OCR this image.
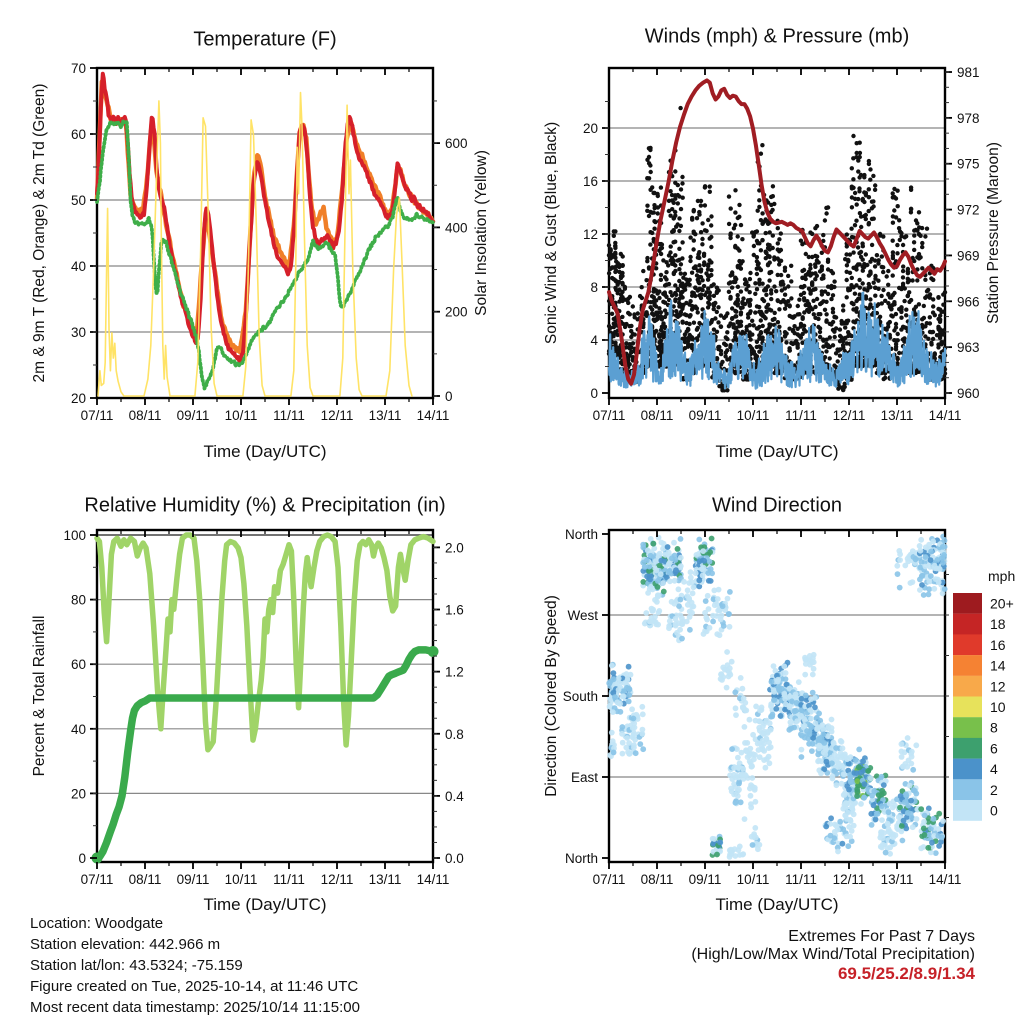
07/11 08/11 09/11 10/11 11/11 12/11 13/11 14/11
20
30
40
50
60
70
0
200
400
600
07/11 08/11 09/11 10/11 11/11 12/11 13/11 14/11
0
4
8
12
16
20
960
963
966
969
972
975
978
981
07/11 08/11 09/11 10/11 11/11 12/11 13/11 14/11
0
20
40
60
80
100
0.0
0.4
0.8
1.2
1.6
2.0
07/11 08/11 09/11 10/11 11/11 12/11 13/11 14/11
North
West
South
East
North
20+
18
16
14
12
10
8
6
4
2
0
Temperature (F)	Winds (mph) & Pressure (mb)
Relative Humidity (%) & Precipitation (in)	Wind Direction
Time (Day/UTC)	Time (Day/UTC)
Time (Day/UTC)	Time (Day/UTC)
2m & 9m T (Red, Orange) & 2m Td (Green)	Solar Insolation (Yellow)	Sonic Wind & Gust (Blue, Black)	Station Pressure (Maroon)
Percent & Total Rainfall	Direction (Colored By Speed)
mph
Location: Woodgate
Station elevation: 442.966 m
Station lat/lon: 43.5324; -75.159
Figure created on Tue, 2025-10-14, at 11:46 UTC
Most recent data timestamp: 2025/10/14 11:15:00
Extremes For Past 7 Days
(High/Low/Max Wind/Total Precipitation)
69.5/25.2/8.9/1.34
